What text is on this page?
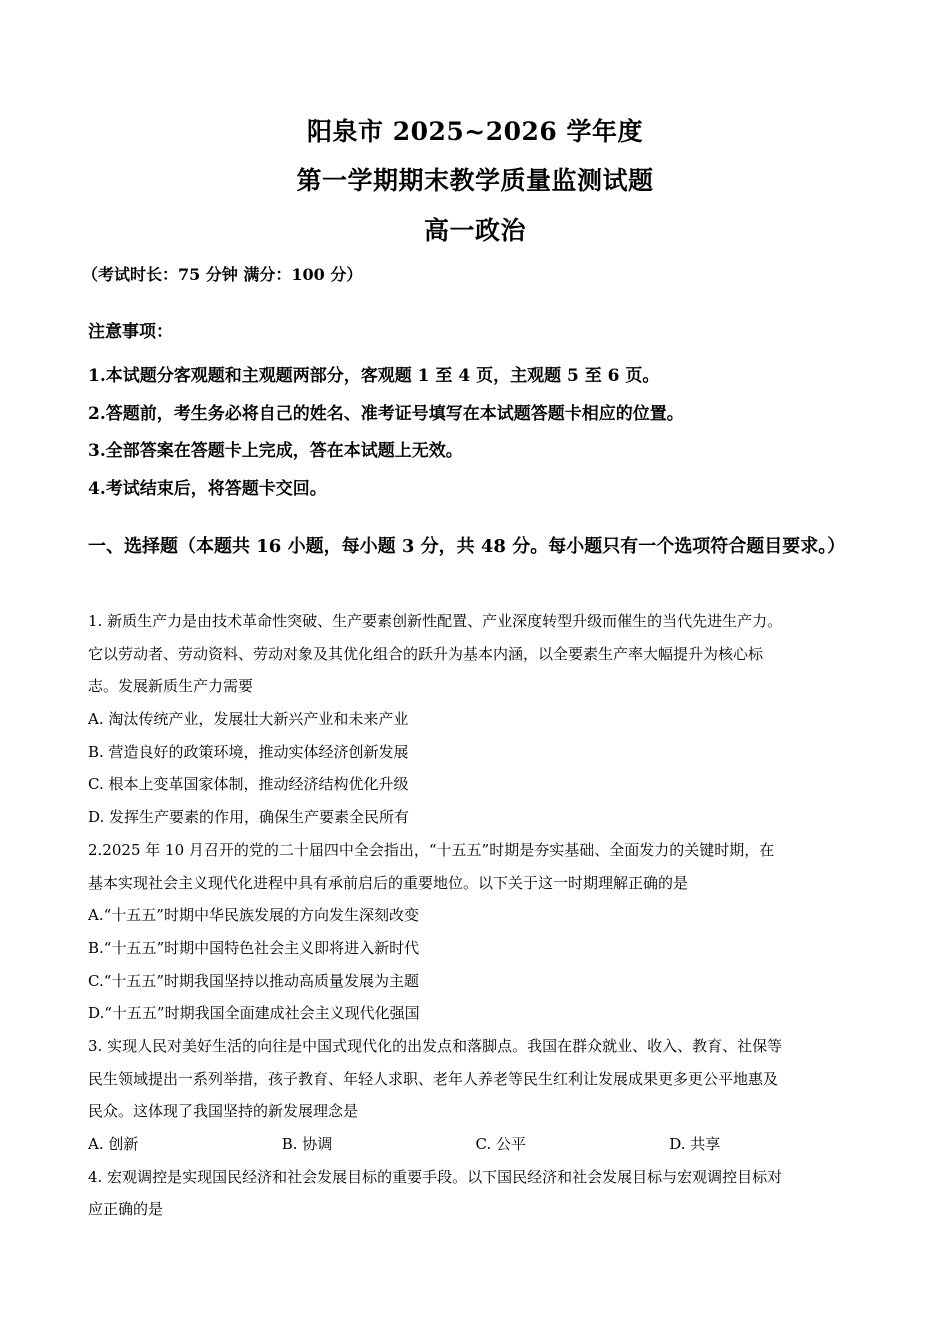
阳泉市 2025~2026 学年度
第一学期期末教学质量监测试题
高一政治
（考试时长：75 分钟 满分：100 分）
注意事项：
1.本试题分客观题和主观题两部分，客观题 1 至 4 页，主观题 5 至 6 页。
2.答题前，考生务必将自己的姓名、准考证号填写在本试题答题卡相应的位置。
3.全部答案在答题卡上完成，答在本试题上无效。
4.考试结束后，将答题卡交回。
一、选择题（本题共 16 小题，每小题 3 分，共 48 分。每小题只有一个选项符合题目要求。）
1. 新质生产力是由技术革命性突破、生产要素创新性配置、产业深度转型升级而催生的当代先进生产力。
它以劳动者、劳动资料、劳动对象及其优化组合的跃升为基本内涵，以全要素生产率大幅提升为核心标
志。发展新质生产力需要
A. 淘汰传统产业，发展壮大新兴产业和未来产业
B. 营造良好的政策环境，推动实体经济创新发展
C. 根本上变革国家体制，推动经济结构优化升级
D. 发挥生产要素的作用，确保生产要素全民所有
2.2025 年 10 月召开的党的二十届四中全会指出，“十五五”时期是夯实基础、全面发力的关键时期，在
基本实现社会主义现代化进程中具有承前启后的重要地位。以下关于这一时期理解正确的是
A.“十五五”时期中华民族发展的方向发生深刻改变
B.“十五五”时期中国特色社会主义即将进入新时代
C.“十五五”时期我国坚持以推动高质量发展为主题
D.“十五五”时期我国全面建成社会主义现代化强国
3. 实现人民对美好生活的向往是中国式现代化的出发点和落脚点。我国在群众就业、收入、教育、社保等
民生领域提出一系列举措，孩子教育、年轻人求职、老年人养老等民生红利让发展成果更多更公平地惠及
民众。这体现了我国坚持的新发展理念是
A. 创新	B. 协调	C. 公平	D. 共享
4. 宏观调控是实现国民经济和社会发展目标的重要手段。以下国民经济和社会发展目标与宏观调控目标对
应正确的是
